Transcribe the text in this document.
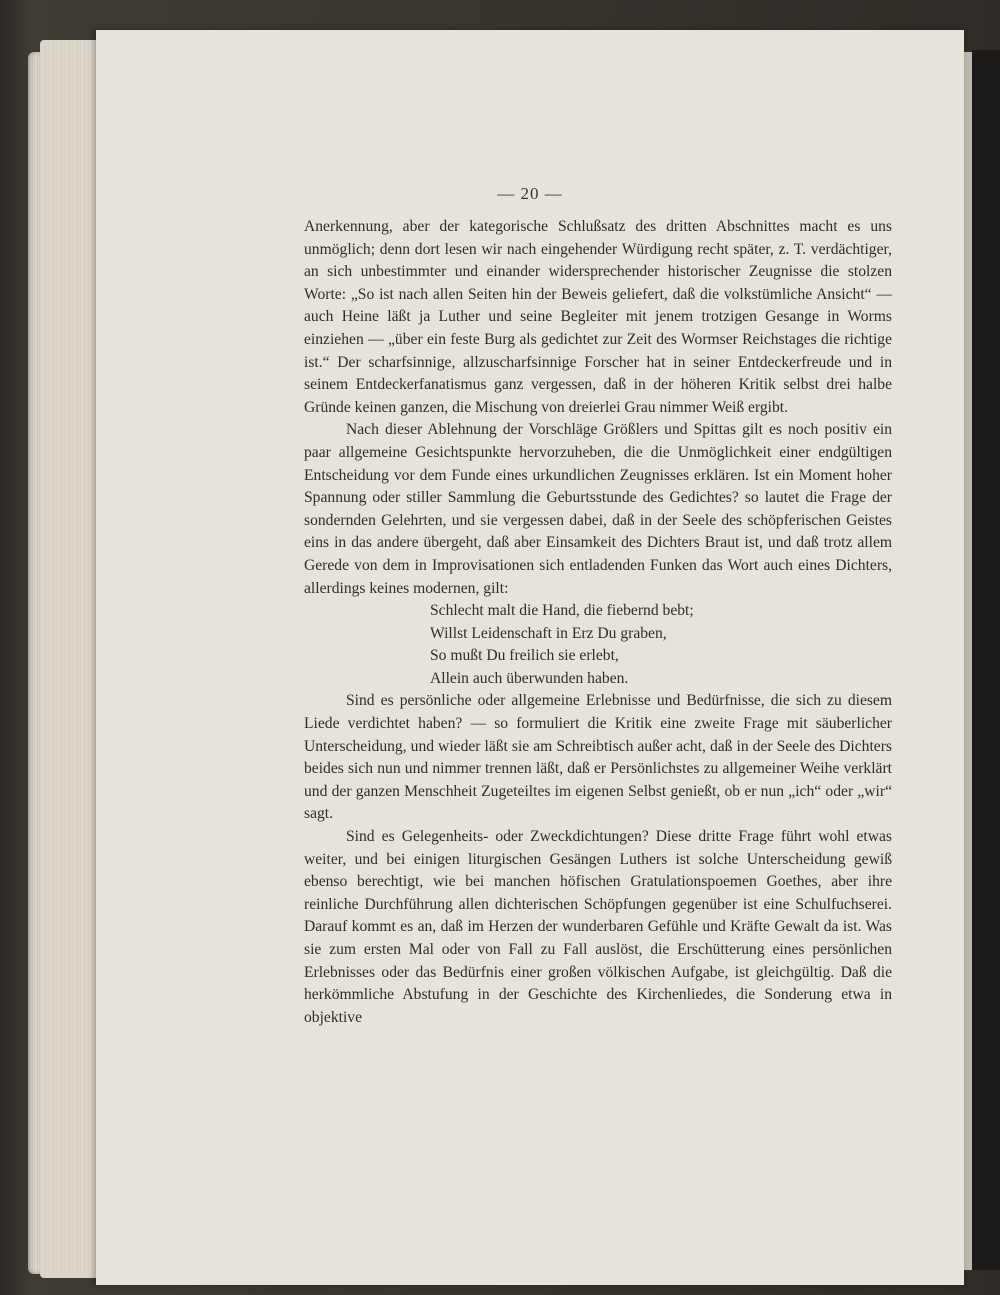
— 20 —

Anerkennung, aber der kategorische Schlußsatz des dritten Abschnittes macht es uns unmöglich; denn dort lesen wir nach eingehender Würdigung recht später, z. T. verdächtiger, an sich unbestimmter und einander widersprechender historischer Zeugnisse die stolzen Worte: „So ist nach allen Seiten hin der Beweis geliefert, daß die volkstümliche Ansicht“ — auch Heine läßt ja Luther und seine Begleiter mit jenem trotzigen Gesange in Worms einziehen — „über ein feste Burg als gedichtet zur Zeit des Wormser Reichstages die richtige ist.“ Der scharfsinnige, allzuscharfsinnige Forscher hat in seiner Entdeckerfreude und in seinem Entdeckerfanatismus ganz vergessen, daß in der höheren Kritik selbst drei halbe Gründe keinen ganzen, die Mischung von dreierlei Grau nimmer Weiß ergibt.

Nach dieser Ablehnung der Vorschläge Größlers und Spittas gilt es noch positiv ein paar allgemeine Gesichtspunkte hervorzuheben, die die Unmöglichkeit einer endgültigen Entscheidung vor dem Funde eines urkundlichen Zeugnisses erklären. Ist ein Moment hoher Spannung oder stiller Sammlung die Geburtsstunde des Gedichtes? so lautet die Frage der sondernden Gelehrten, und sie vergessen dabei, daß in der Seele des schöpferischen Geistes eins in das andere übergeht, daß aber Einsamkeit des Dichters Braut ist, und daß trotz allem Gerede von dem in Improvisationen sich entladenden Funken das Wort auch eines Dichters, allerdings keines modernen, gilt:

Schlecht malt die Hand, die fiebernd bebt;
Willst Leidenschaft in Erz Du graben,
So mußt Du freilich sie erlebt,
Allein auch überwunden haben.

Sind es persönliche oder allgemeine Erlebnisse und Bedürfnisse, die sich zu diesem Liede verdichtet haben? — so formuliert die Kritik eine zweite Frage mit säuberlicher Unterscheidung, und wieder läßt sie am Schreibtisch außer acht, daß in der Seele des Dichters beides sich nun und nimmer trennen läßt, daß er Persönlichstes zu allgemeiner Weihe verklärt und der ganzen Menschheit Zugeteiltes im eigenen Selbst genießt, ob er nun „ich“ oder „wir“ sagt.

Sind es Gelegenheits- oder Zweckdichtungen? Diese dritte Frage führt wohl etwas weiter, und bei einigen liturgischen Gesängen Luthers ist solche Unterscheidung gewiß ebenso berechtigt, wie bei manchen höfischen Gratulationspoemen Goethes, aber ihre reinliche Durchführung allen dichterischen Schöpfungen gegenüber ist eine Schulfuchserei. Darauf kommt es an, daß im Herzen der wunderbaren Gefühle und Kräfte Gewalt da ist. Was sie zum ersten Mal oder von Fall zu Fall auslöst, die Erschütterung eines persönlichen Erlebnisses oder das Bedürfnis einer großen völkischen Aufgabe, ist gleichgültig. Daß die herkömmliche Abstufung in der Geschichte des Kirchenliedes, die Sonderung etwa in objektive
